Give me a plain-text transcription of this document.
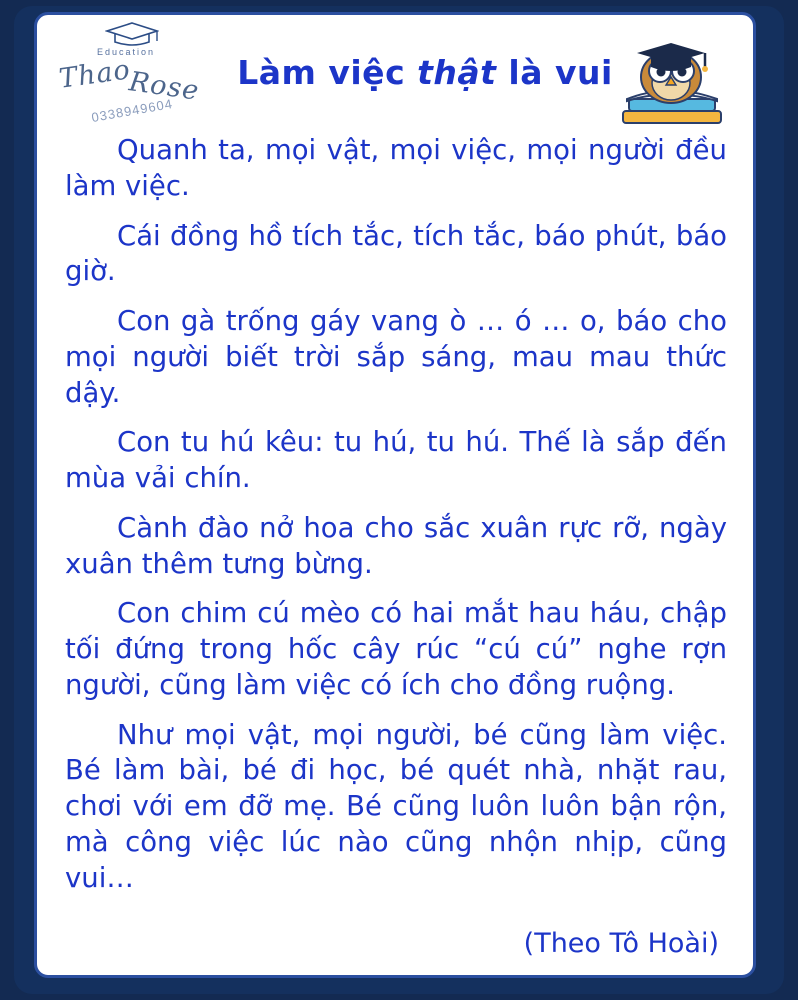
Education
Thao
Rose
0338949604
Làm việc thật là vui

Quanh ta, mọi vật, mọi việc, mọi người đều làm việc.

Cái đồng hồ tích tắc, tích tắc, báo phút, báo giờ.

Con gà trống gáy vang ò … ó … o, báo cho mọi người biết trời sắp sáng, mau mau thức dậy.

Con tu hú kêu: tu hú, tu hú. Thế là sắp đến mùa vải chín.

Cành đào nở hoa cho sắc xuân rực rỡ, ngày xuân thêm tưng bừng.

Con chim cú mèo có hai mắt hau háu, chập tối đứng trong hốc cây rúc “cú cú” nghe rợn người, cũng làm việc có ích cho đồng ruộng.

Như mọi vật, mọi người, bé cũng làm việc. Bé làm bài, bé đi học, bé quét nhà, nhặt rau, chơi với em đỡ mẹ. Bé cũng luôn luôn bận rộn, mà công việc lúc nào cũng nhộn nhịp, cũng vui…

(Theo Tô Hoài)
